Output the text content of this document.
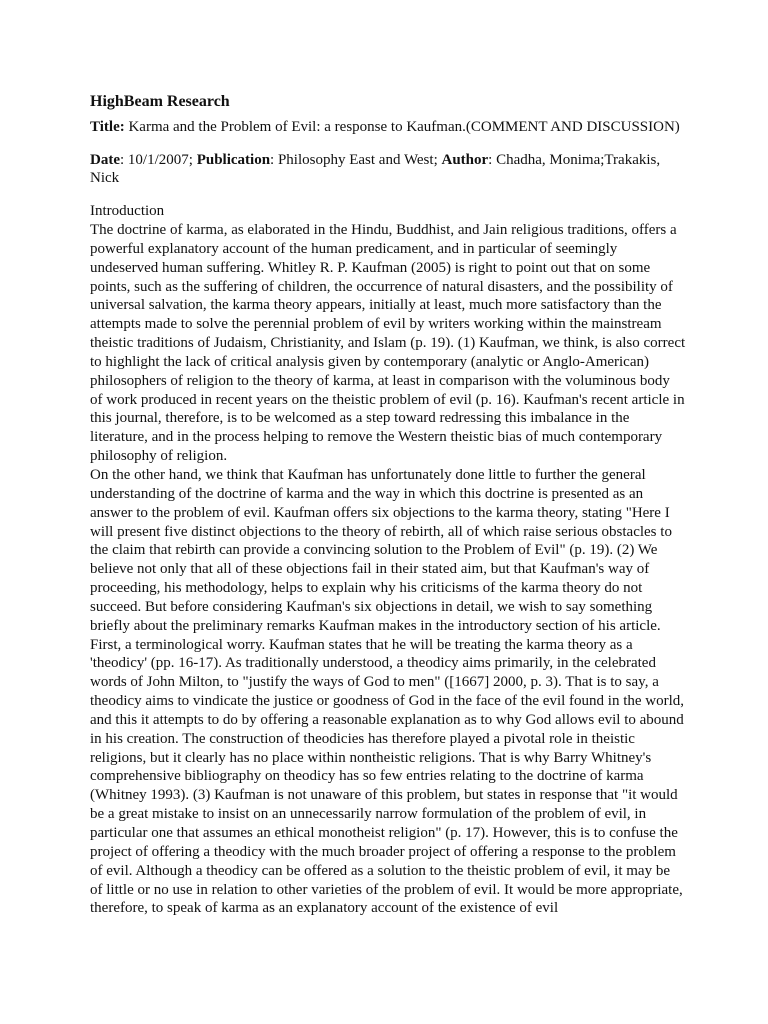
HighBeam Research

Title: Karma and the Problem of Evil: a response to Kaufman.(COMMENT AND DISCUSSION)

Date: 10/1/2007; Publication: Philosophy East and West; Author: Chadha, Monima;Trakakis, Nick

Introduction

The doctrine of karma, as elaborated in the Hindu, Buddhist, and Jain religious traditions, offers a powerful explanatory account of the human predicament, and in particular of seemingly undeserved human suffering. Whitley R. P. Kaufman (2005) is right to point out that on some points, such as the suffering of children, the occurrence of natural disasters, and the possibility of universal salvation, the karma theory appears, initially at least, much more satisfactory than the attempts made to solve the perennial problem of evil by writers working within the mainstream theistic traditions of Judaism, Christianity, and Islam (p. 19). (1) Kaufman, we think, is also correct to highlight the lack of critical analysis given by contemporary (analytic or Anglo-American) philosophers of religion to the theory of karma, at least in comparison with the voluminous body of work produced in recent years on the theistic problem of evil (p. 16). Kaufman's recent article in this journal, therefore, is to be welcomed as a step toward redressing this imbalance in the literature, and in the process helping to remove the Western theistic bias of much contemporary philosophy of religion.

On the other hand, we think that Kaufman has unfortunately done little to further the general understanding of the doctrine of karma and the way in which this doctrine is presented as an answer to the problem of evil. Kaufman offers six objections to the karma theory, stating "Here I will present five distinct objections to the theory of rebirth, all of which raise serious obstacles to the claim that rebirth can provide a convincing solution to the Problem of Evil" (p. 19). (2) We believe not only that all of these objections fail in their stated aim, but that Kaufman's way of proceeding, his methodology, helps to explain why his criticisms of the karma theory do not succeed. But before considering Kaufman's six objections in detail, we wish to say something briefly about the preliminary remarks Kaufman makes in the introductory section of his article.

First, a terminological worry. Kaufman states that he will be treating the karma theory as a 'theodicy' (pp. 16-17). As traditionally understood, a theodicy aims primarily, in the celebrated words of John Milton, to "justify the ways of God to men" ([1667] 2000, p. 3). That is to say, a theodicy aims to vindicate the justice or goodness of God in the face of the evil found in the world, and this it attempts to do by offering a reasonable explanation as to why God allows evil to abound in his creation. The construction of theodicies has therefore played a pivotal role in theistic religions, but it clearly has no place within nontheistic religions. That is why Barry Whitney's comprehensive bibliography on theodicy has so few entries relating to the doctrine of karma (Whitney 1993). (3) Kaufman is not unaware of this problem, but states in response that "it would be a great mistake to insist on an unnecessarily narrow formulation of the problem of evil, in particular one that assumes an ethical monotheist religion" (p. 17). However, this is to confuse the project of offering a theodicy with the much broader project of offering a response to the problem of evil. Although a theodicy can be offered as a solution to the theistic problem of evil, it may be of little or no use in relation to other varieties of the problem of evil. It would be more appropriate, therefore, to speak of karma as an explanatory account of the existence of evil
